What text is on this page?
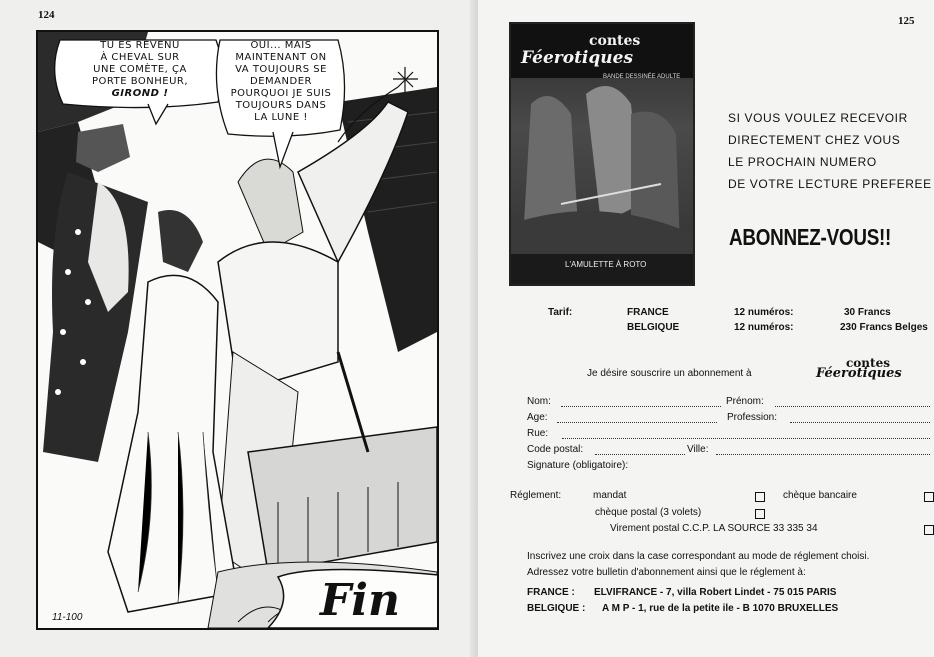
124
TU ES REVENU
À CHEVAL SUR
UNE COMÈTE, ÇA
PORTE BONHEUR,
GIROND !
OUI... MAIS
MAINTENANT ON
VA TOUJOURS SE
DEMANDER
POURQUOI JE SUIS
TOUJOURS DANS
LA LUNE !
Fin
11-100
125
contes
Féerotiques
BANDE DESSINÉE ADULTE
L'AMULETTE À ROTO
SI VOUS VOULEZ RECEVOIR
DIRECTEMENT CHEZ VOUS
LE PROCHAIN NUMERO
DE VOTRE LECTURE PREFEREE
ABONNEZ-VOUS!!
Tarif:	FRANCE	12 numéros:	30 Francs
BELGIQUE	12 numéros:	230 Francs Belges
Je désire souscrire un abonnement à
contes
Féerotiques
Nom:	Prénom:
Age:	Profession:
Rue:
Code postal:	Ville:
Signature (obligatoire):
Réglement:	mandat	chèque bancaire
chèque postal (3 volets)
Virement postal C.C.P. LA SOURCE 33 335 34
Inscrivez une croix dans la case correspondant au mode de réglement choisi.
Adressez votre bulletin d'abonnement ainsi que le réglement à:
FRANCE : ELVIFRANCE - 7, villa Robert Lindet - 75 015 PARIS
BELGIQUE : A M P - 1, rue de la petite ile - B 1070 BRUXELLES
